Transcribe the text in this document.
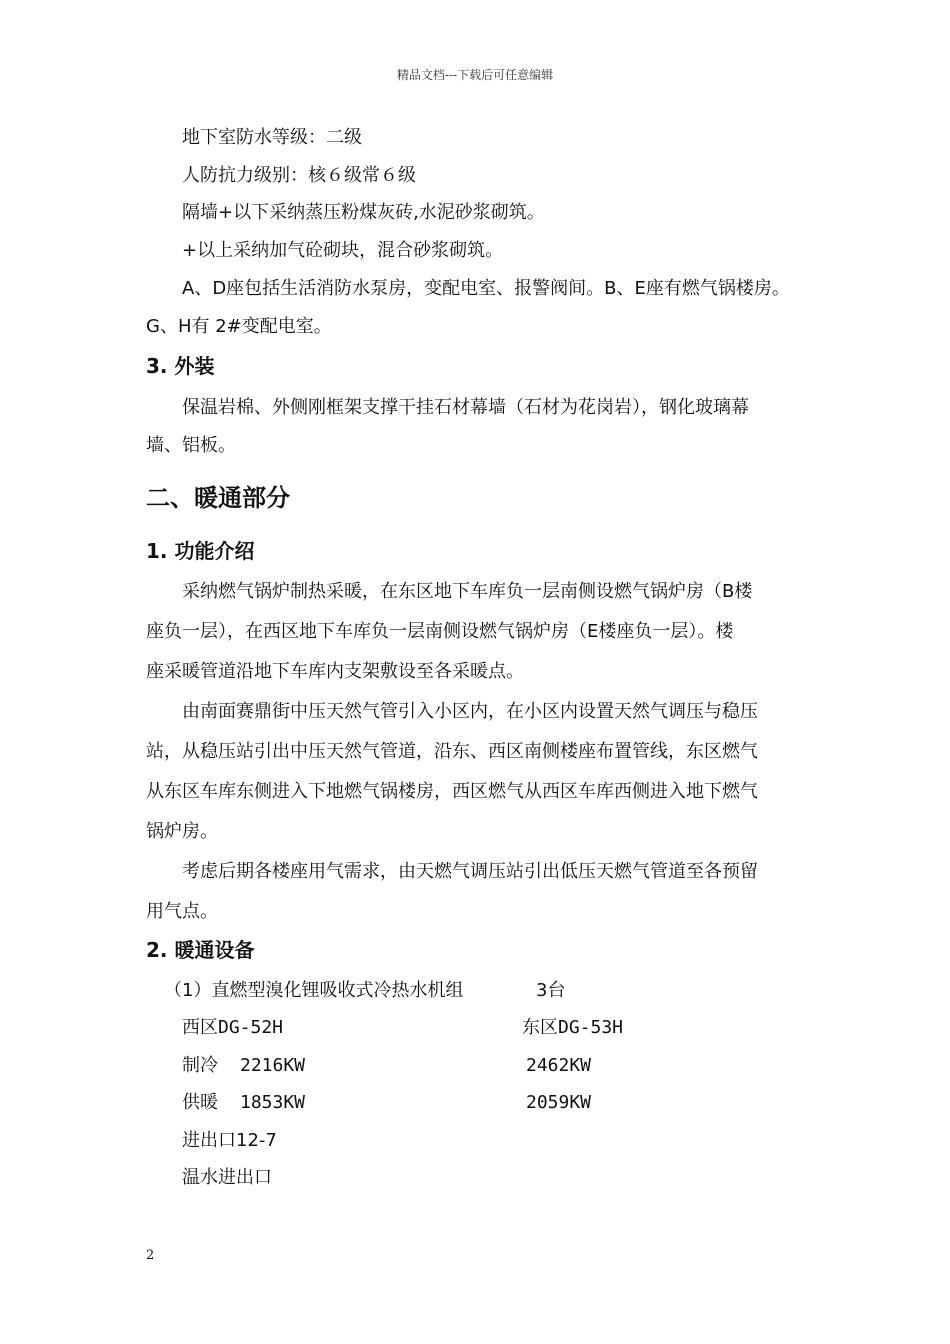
精品文档---下载后可任意编辑
地下室防水等级：二级
人防抗力级别：核６级常６级
隔墙+以下采纳蒸压粉煤灰砖,水泥砂浆砌筑。
+以上采纳加气砼砌块，混合砂浆砌筑。
A、D座包括生活消防水泵房，变配电室、报警阀间。B、E座有燃气锅楼房。
G、H有 2#变配电室。
3. 外装
保温岩棉、外侧刚框架支撑干挂石材幕墙（石材为花岗岩），钢化玻璃幕
墙、铝板。
二、暖通部分
1. 功能介绍
采纳燃气锅炉制热采暖，在东区地下车库负一层南侧设燃气锅炉房（B楼
座负一层），在西区地下车库负一层南侧设燃气锅炉房（E楼座负一层）。楼
座采暖管道沿地下车库内支架敷设至各采暖点。
由南面赛鼎街中压天然气管引入小区内，在小区内设置天然气调压与稳压
站，从稳压站引出中压天然气管道，沿东、西区南侧楼座布置管线，东区燃气
从东区车库东侧进入下地燃气锅楼房，西区燃气从西区车库西侧进入地下燃气
锅炉房。
考虑后期各楼座用气需求，由天燃气调压站引出低压天燃气管道至各预留
用气点。
2. 暖通设备
（1）直燃型溴化锂吸收式冷热水机组	3台
西区DG-52H	东区DG-53H
制冷 2216KW	2462KW
供暖 1853KW	2059KW
进出口12-7
温水进出口
2
